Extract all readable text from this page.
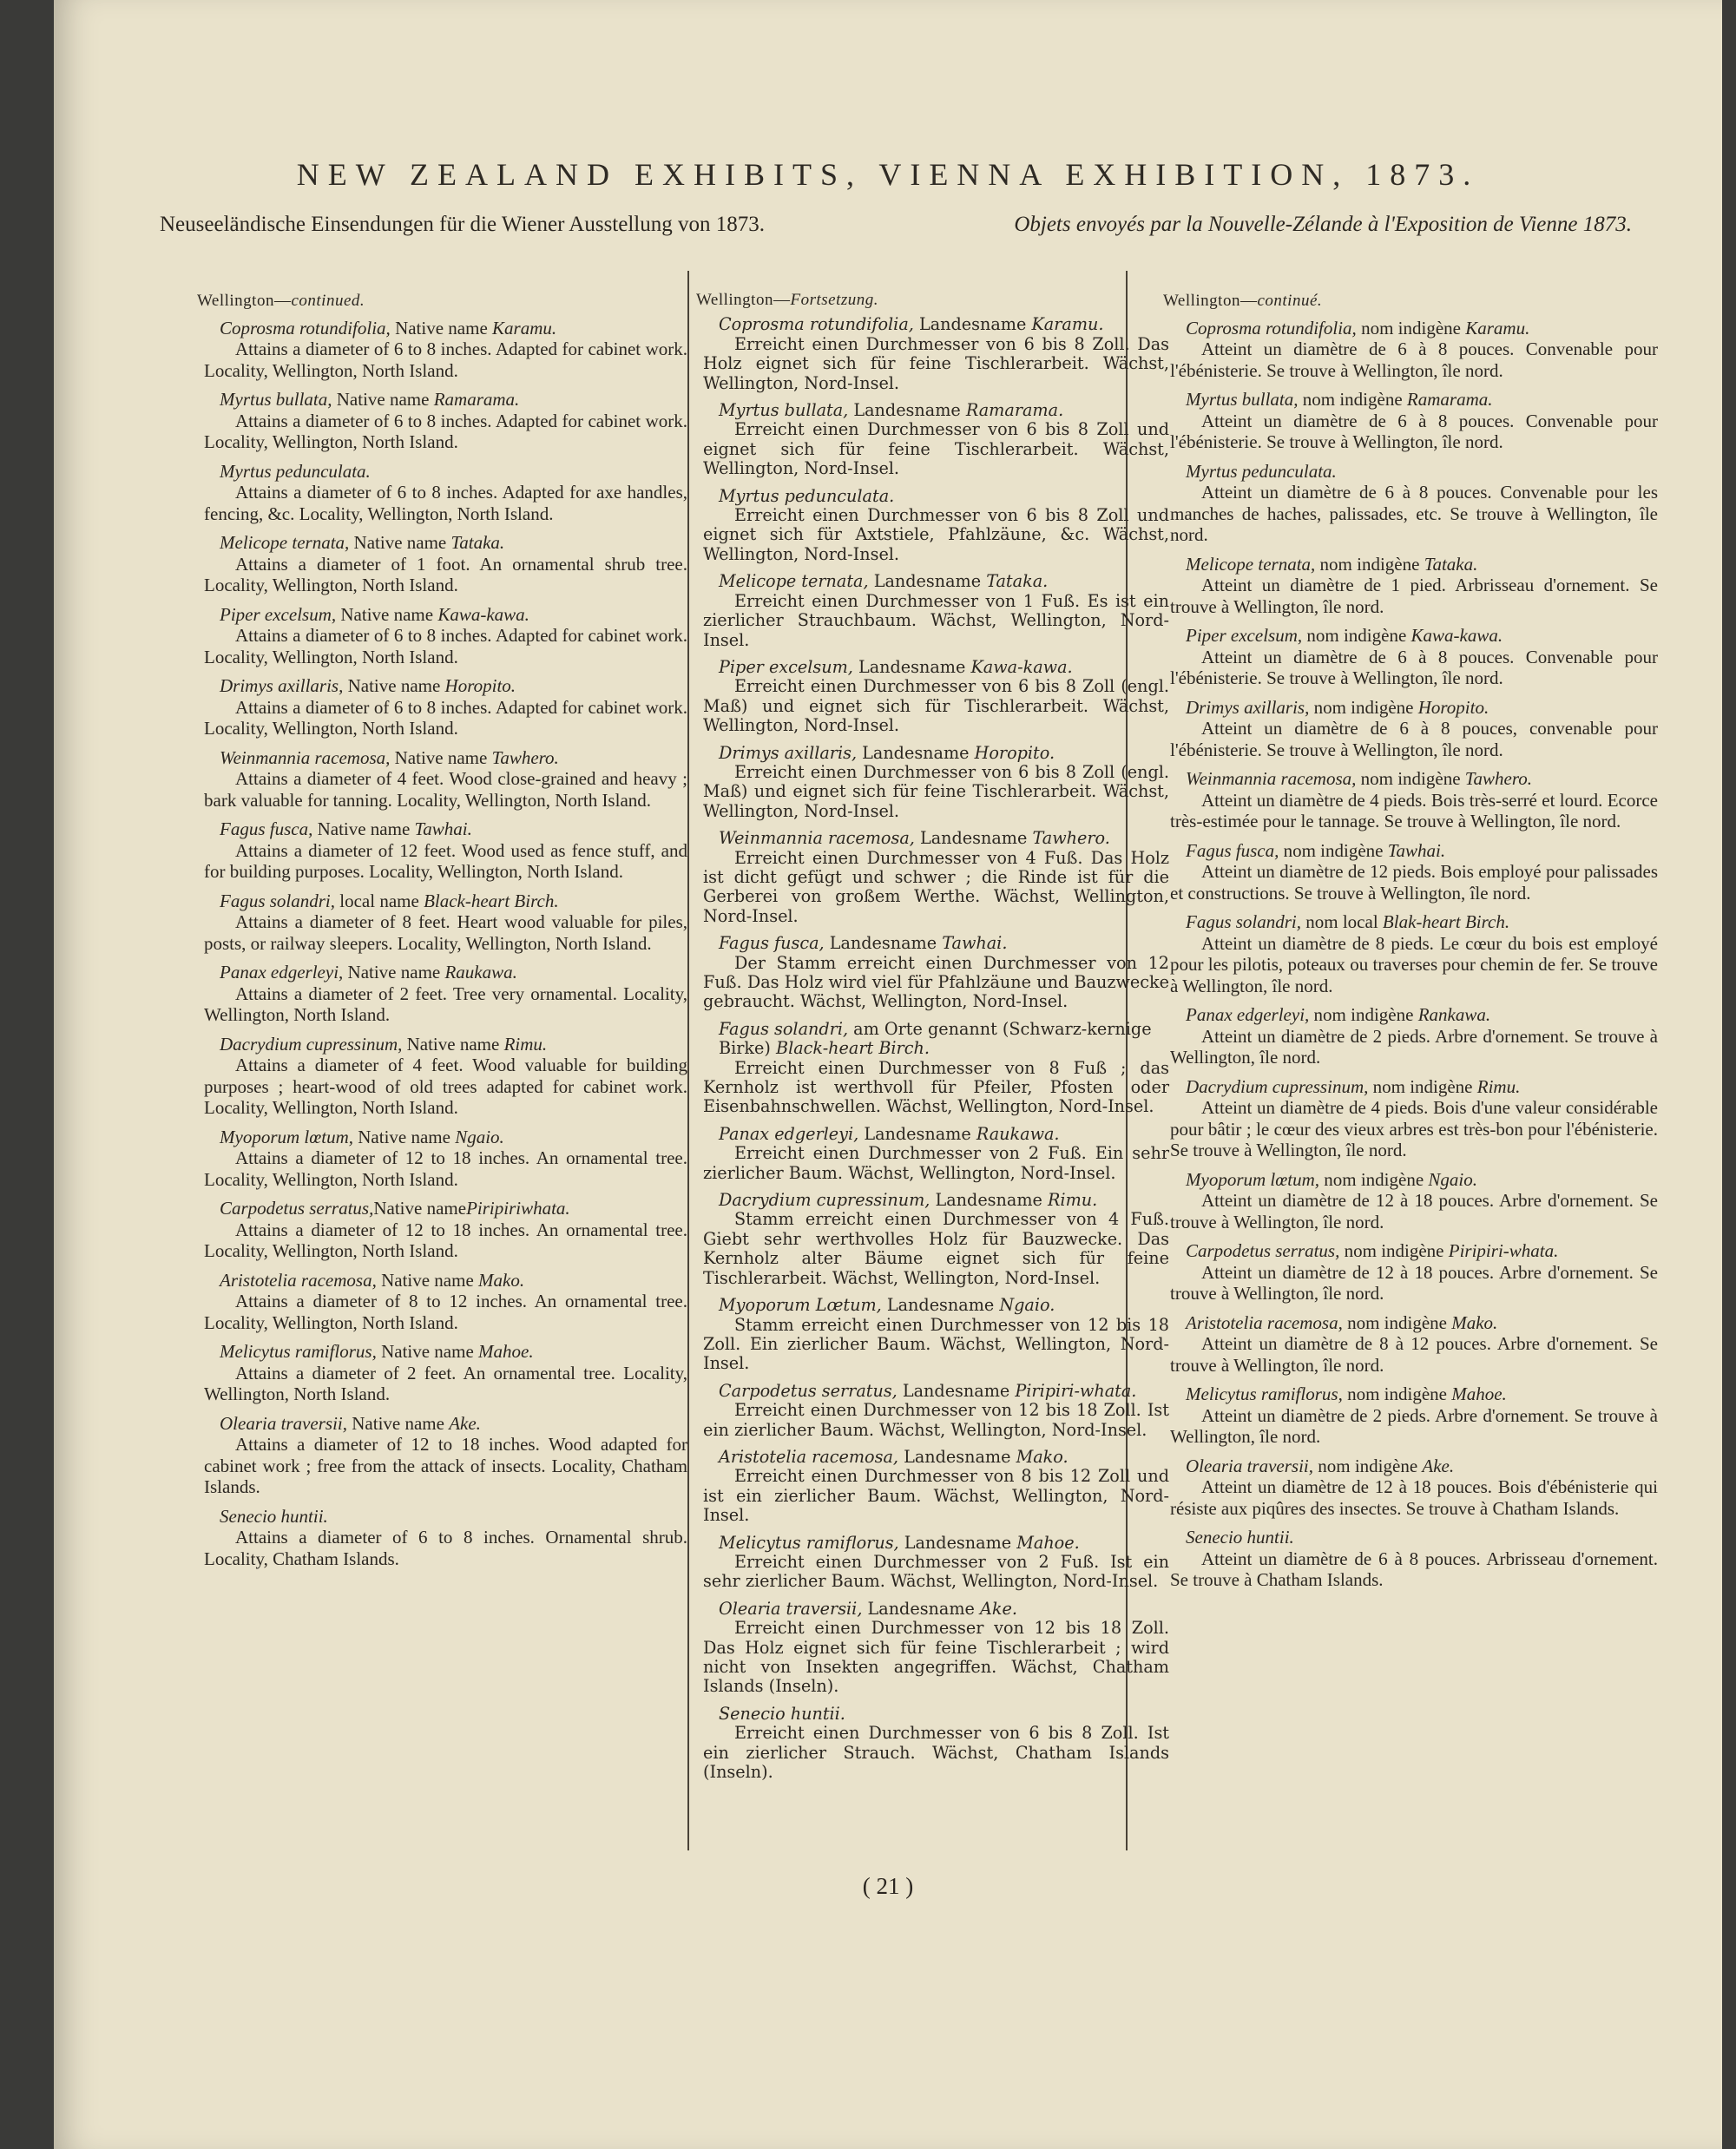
NEW ZEALAND EXHIBITS, VIENNA EXHIBITION, 1873.
Neuseeländische Einsendungen für die Wiener Ausstellung von 1873.	Objets envoyés par la Nouvelle-Zélande à l'Exposition de Vienne 1873.
Wellington—continued.
Coprosma rotundifolia, Native name Karamu.
Attains a diameter of 6 to 8 inches. Adapted for cabinet work. Locality, Wellington, North Island.
Myrtus bullata, Native name Ramarama.
Attains a diameter of 6 to 8 inches. Adapted for cabinet work. Locality, Wellington, North Island.
Myrtus pedunculata.
Attains a diameter of 6 to 8 inches. Adapted for axe handles, fencing, &c. Locality, Wellington, North Island.
Melicope ternata, Native name Tataka.
Attains a diameter of 1 foot. An ornamental shrub tree. Locality, Wellington, North Island.
Piper excelsum, Native name Kawa-kawa.
Attains a diameter of 6 to 8 inches. Adapted for cabinet work. Locality, Wellington, North Island.
Drimys axillaris, Native name Horopito.
Attains a diameter of 6 to 8 inches. Adapted for cabinet work. Locality, Wellington, North Island.
Weinmannia racemosa, Native name Tawhero.
Attains a diameter of 4 feet. Wood close-grained and heavy ; bark valuable for tanning. Locality, Wellington, North Island.
Fagus fusca, Native name Tawhai.
Attains a diameter of 12 feet. Wood used as fence stuff, and for building purposes. Locality, Wellington, North Island.
Fagus solandri, local name Black-heart Birch.
Attains a diameter of 8 feet. Heart wood valuable for piles, posts, or railway sleepers. Locality, Wellington, North Island.
Panax edgerleyi, Native name Raukawa.
Attains a diameter of 2 feet. Tree very ornamental. Locality, Wellington, North Island.
Dacrydium cupressinum, Native name Rimu.
Attains a diameter of 4 feet. Wood valuable for building purposes ; heart-wood of old trees adapted for cabinet work. Locality, Wellington, North Island.
Myoporum lœtum, Native name Ngaio.
Attains a diameter of 12 to 18 inches. An ornamental tree. Locality, Wellington, North Island.
Carpodetus serratus,Native namePiripiriwhata.
Attains a diameter of 12 to 18 inches. An ornamental tree. Locality, Wellington, North Island.
Aristotelia racemosa, Native name Mako.
Attains a diameter of 8 to 12 inches. An ornamental tree. Locality, Wellington, North Island.
Melicytus ramiflorus, Native name Mahoe.
Attains a diameter of 2 feet. An ornamental tree. Locality, Wellington, North Island.
Olearia traversii, Native name Ake.
Attains a diameter of 12 to 18 inches. Wood adapted for cabinet work ; free from the attack of insects. Locality, Chatham Islands.
Senecio huntii.
Attains a diameter of 6 to 8 inches. Ornamental shrub. Locality, Chatham Islands.
Wellington—Fortsetzung.
Coprosma rotundifolia, Landesname Karamu.
Erreicht einen Durchmesser von 6 bis 8 Zoll. Das Holz eignet sich für feine Tischlerarbeit. Wächst, Wellington, Nord-Insel.
Myrtus bullata, Landesname Ramarama.
Erreicht einen Durchmesser von 6 bis 8 Zoll und eignet sich für feine Tischlerarbeit. Wächst, Wellington, Nord-Insel.
Myrtus pedunculata.
Erreicht einen Durchmesser von 6 bis 8 Zoll und eignet sich für Axtstiele, Pfahlzäune, &c. Wächst, Wellington, Nord-Insel.
Melicope ternata, Landesname Tataka.
Erreicht einen Durchmesser von 1 Fuß. Es ist ein zierlicher Strauchbaum. Wächst, Wellington, Nord-Insel.
Piper excelsum, Landesname Kawa-kawa.
Erreicht einen Durchmesser von 6 bis 8 Zoll (engl. Maß) und eignet sich für Tischlerarbeit. Wächst, Wellington, Nord-Insel.
Drimys axillaris, Landesname Horopito.
Erreicht einen Durchmesser von 6 bis 8 Zoll (engl. Maß) und eignet sich für feine Tischlerarbeit. Wächst, Wellington, Nord-Insel.
Weinmannia racemosa, Landesname Tawhero.
Erreicht einen Durchmesser von 4 Fuß. Das Holz ist dicht gefügt und schwer ; die Rinde ist für die Gerberei von großem Werthe. Wächst, Wellington, Nord-Insel.
Fagus fusca, Landesname Tawhai.
Der Stamm erreicht einen Durchmesser von 12 Fuß. Das Holz wird viel für Pfahlzäune und Bauzwecke gebraucht. Wächst, Wellington, Nord-Insel.
Fagus solandri, am Orte genannt (Schwarz-kernige Birke) Black-heart Birch.
Erreicht einen Durchmesser von 8 Fuß ; das Kernholz ist werthvoll für Pfeiler, Pfosten oder Eisenbahnschwellen. Wächst, Wellington, Nord-Insel.
Panax edgerleyi, Landesname Raukawa.
Erreicht einen Durchmesser von 2 Fuß. Ein sehr zierlicher Baum. Wächst, Wellington, Nord-Insel.
Dacrydium cupressinum, Landesname Rimu.
Stamm erreicht einen Durchmesser von 4 Fuß. Giebt sehr werthvolles Holz für Bauzwecke. Das Kernholz alter Bäume eignet sich für feine Tischlerarbeit. Wächst, Wellington, Nord-Insel.
Myoporum Lœtum, Landesname Ngaio.
Stamm erreicht einen Durchmesser von 12 bis 18 Zoll. Ein zierlicher Baum. Wächst, Wellington, Nord-Insel.
Carpodetus serratus, Landesname Piripiri-whata.
Erreicht einen Durchmesser von 12 bis 18 Zoll. Ist ein zierlicher Baum. Wächst, Wellington, Nord-Insel.
Aristotelia racemosa, Landesname Mako.
Erreicht einen Durchmesser von 8 bis 12 Zoll und ist ein zierlicher Baum. Wächst, Wellington, Nord-Insel.
Melicytus ramiflorus, Landesname Mahoe.
Erreicht einen Durchmesser von 2 Fuß. Ist ein sehr zierlicher Baum. Wächst, Wellington, Nord-Insel.
Olearia traversii, Landesname Ake.
Erreicht einen Durchmesser von 12 bis 18 Zoll. Das Holz eignet sich für feine Tischlerarbeit ; wird nicht von Insekten angegriffen. Wächst, Chatham Islands (Inseln).
Senecio huntii.
Erreicht einen Durchmesser von 6 bis 8 Zoll. Ist ein zierlicher Strauch. Wächst, Chatham Islands (Inseln).
Wellington—continué.
Coprosma rotundifolia, nom indigène Karamu.
Atteint un diamètre de 6 à 8 pouces. Convenable pour l'ébénisterie. Se trouve à Wellington, île nord.
Myrtus bullata, nom indigène Ramarama.
Atteint un diamètre de 6 à 8 pouces. Convenable pour l'ébénisterie. Se trouve à Wellington, île nord.
Myrtus pedunculata.
Atteint un diamètre de 6 à 8 pouces. Convenable pour les manches de haches, palissades, etc. Se trouve à Wellington, île nord.
Melicope ternata, nom indigène Tataka.
Atteint un diamètre de 1 pied. Arbrisseau d'ornement. Se trouve à Wellington, île nord.
Piper excelsum, nom indigène Kawa-kawa.
Atteint un diamètre de 6 à 8 pouces. Convenable pour l'ébénisterie. Se trouve à Wellington, île nord.
Drimys axillaris, nom indigène Horopito.
Atteint un diamètre de 6 à 8 pouces, convenable pour l'ébénisterie. Se trouve à Wellington, île nord.
Weinmannia racemosa, nom indigène Tawhero.
Atteint un diamètre de 4 pieds. Bois très-serré et lourd. Ecorce très-estimée pour le tannage. Se trouve à Wellington, île nord.
Fagus fusca, nom indigène Tawhai.
Atteint un diamètre de 12 pieds. Bois employé pour palissades et constructions. Se trouve à Wellington, île nord.
Fagus solandri, nom local Blak-heart Birch.
Atteint un diamètre de 8 pieds. Le cœur du bois est employé pour les pilotis, poteaux ou traverses pour chemin de fer. Se trouve à Wellington, île nord.
Panax edgerleyi, nom indigène Rankawa.
Atteint un diamètre de 2 pieds. Arbre d'ornement. Se trouve à Wellington, île nord.
Dacrydium cupressinum, nom indigène Rimu.
Atteint un diamètre de 4 pieds. Bois d'une valeur considérable pour bâtir ; le cœur des vieux arbres est très-bon pour l'ébénisterie. Se trouve à Wellington, île nord.
Myoporum lœtum, nom indigène Ngaio.
Atteint un diamètre de 12 à 18 pouces. Arbre d'ornement. Se trouve à Wellington, île nord.
Carpodetus serratus, nom indigène Piripiri-whata.
Atteint un diamètre de 12 à 18 pouces. Arbre d'ornement. Se trouve à Wellington, île nord.
Aristotelia racemosa, nom indigène Mako.
Atteint un diamètre de 8 à 12 pouces. Arbre d'ornement. Se trouve à Wellington, île nord.
Melicytus ramiflorus, nom indigène Mahoe.
Atteint un diamètre de 2 pieds. Arbre d'ornement. Se trouve à Wellington, île nord.
Olearia traversii, nom indigène Ake.
Atteint un diamètre de 12 à 18 pouces. Bois d'ébénisterie qui résiste aux piqûres des insectes. Se trouve à Chatham Islands.
Senecio huntii.
Atteint un diamètre de 6 à 8 pouces. Arbrisseau d'ornement. Se trouve à Chatham Islands.
( 21 )
